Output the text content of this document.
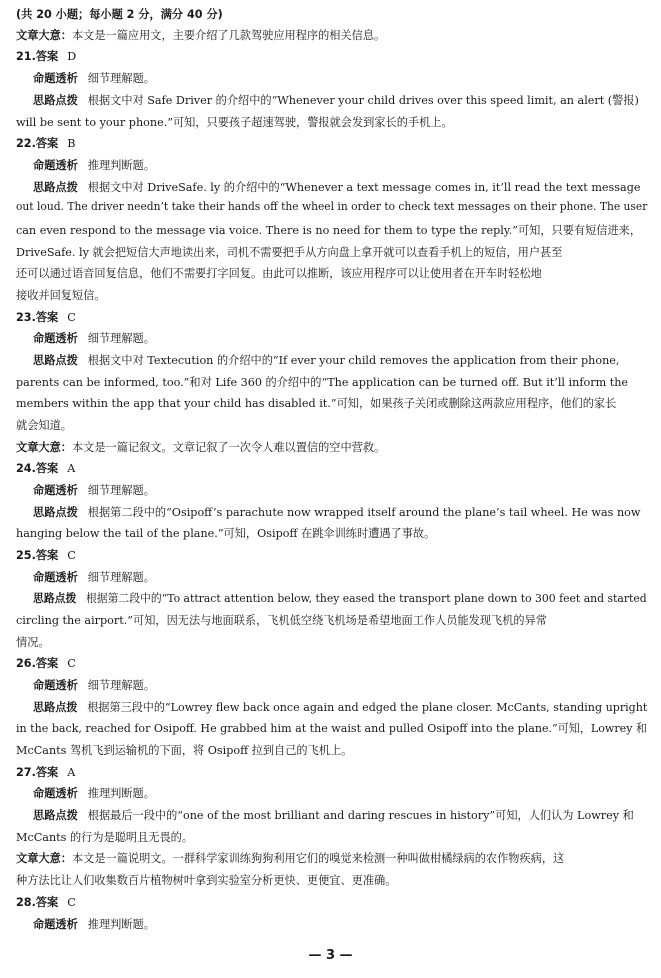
(共 20 小题；每小题 2 分，满分 40 分)
文章大意：本文是一篇应用文，主要介绍了几款驾驶应用程序的相关信息。
21.答案 D
命题透析 细节理解题。
思路点拨 根据文中对 Safe Driver 的介绍中的“Whenever your child drives over this speed limit, an alert (警报)
will be sent to your phone.”可知，只要孩子超速驾驶，警报就会发到家长的手机上。
22.答案 B
命题透析 推理判断题。
思路点拨 根据文中对 DriveSafe. ly 的介绍中的“Whenever a text message comes in, it’ll read the text message
out loud. The driver needn’t take their hands off the wheel in order to check text messages on their phone. The user
can even respond to the message via voice. There is no need for them to type the reply.”可知，只要有短信进来，
DriveSafe. ly 就会把短信大声地读出来，司机不需要把手从方向盘上拿开就可以查看手机上的短信，用户甚至
还可以通过语音回复信息，他们不需要打字回复。由此可以推断，该应用程序可以让使用者在开车时轻松地
接收并回复短信。
23.答案 C
命题透析 细节理解题。
思路点拨 根据文中对 Textecution 的介绍中的“If ever your child removes the application from their phone,
parents can be informed, too.”和对 Life 360 的介绍中的“The application can be turned off. But it’ll inform the
members within the app that your child has disabled it.”可知，如果孩子关闭或删除这两款应用程序，他们的家长
就会知道。
文章大意：本文是一篇记叙文。文章记叙了一次令人难以置信的空中营救。
24.答案 A
命题透析 细节理解题。
思路点拨 根据第二段中的“Osipoff’s parachute now wrapped itself around the plane’s tail wheel. He was now
hanging below the tail of the plane.”可知，Osipoff 在跳伞训练时遭遇了事故。
25.答案 C
命题透析 细节理解题。
思路点拨 根据第二段中的“To attract attention below, they eased the transport plane down to 300 feet and started
circling the airport.”可知，因无法与地面联系，飞机低空绕飞机场是希望地面工作人员能发现飞机的异常
情况。
26.答案 C
命题透析 细节理解题。
思路点拨 根据第三段中的“Lowrey flew back once again and edged the plane closer. McCants, standing upright
in the back, reached for Osipoff. He grabbed him at the waist and pulled Osipoff into the plane.”可知，Lowrey 和
McCants 驾机飞到运输机的下面，将 Osipoff 拉到自己的飞机上。
27.答案 A
命题透析 推理判断题。
思路点拨 根据最后一段中的“one of the most brilliant and daring rescues in history”可知，人们认为 Lowrey 和
McCants 的行为是聪明且无畏的。
文章大意：本文是一篇说明文。一群科学家训练狗狗利用它们的嗅觉来检测一种叫做柑橘绿病的农作物疾病，这
种方法比让人们收集数百片植物树叶拿到实验室分析更快、更便宜、更准确。
28.答案 C
命题透析 推理判断题。
— 3 —
